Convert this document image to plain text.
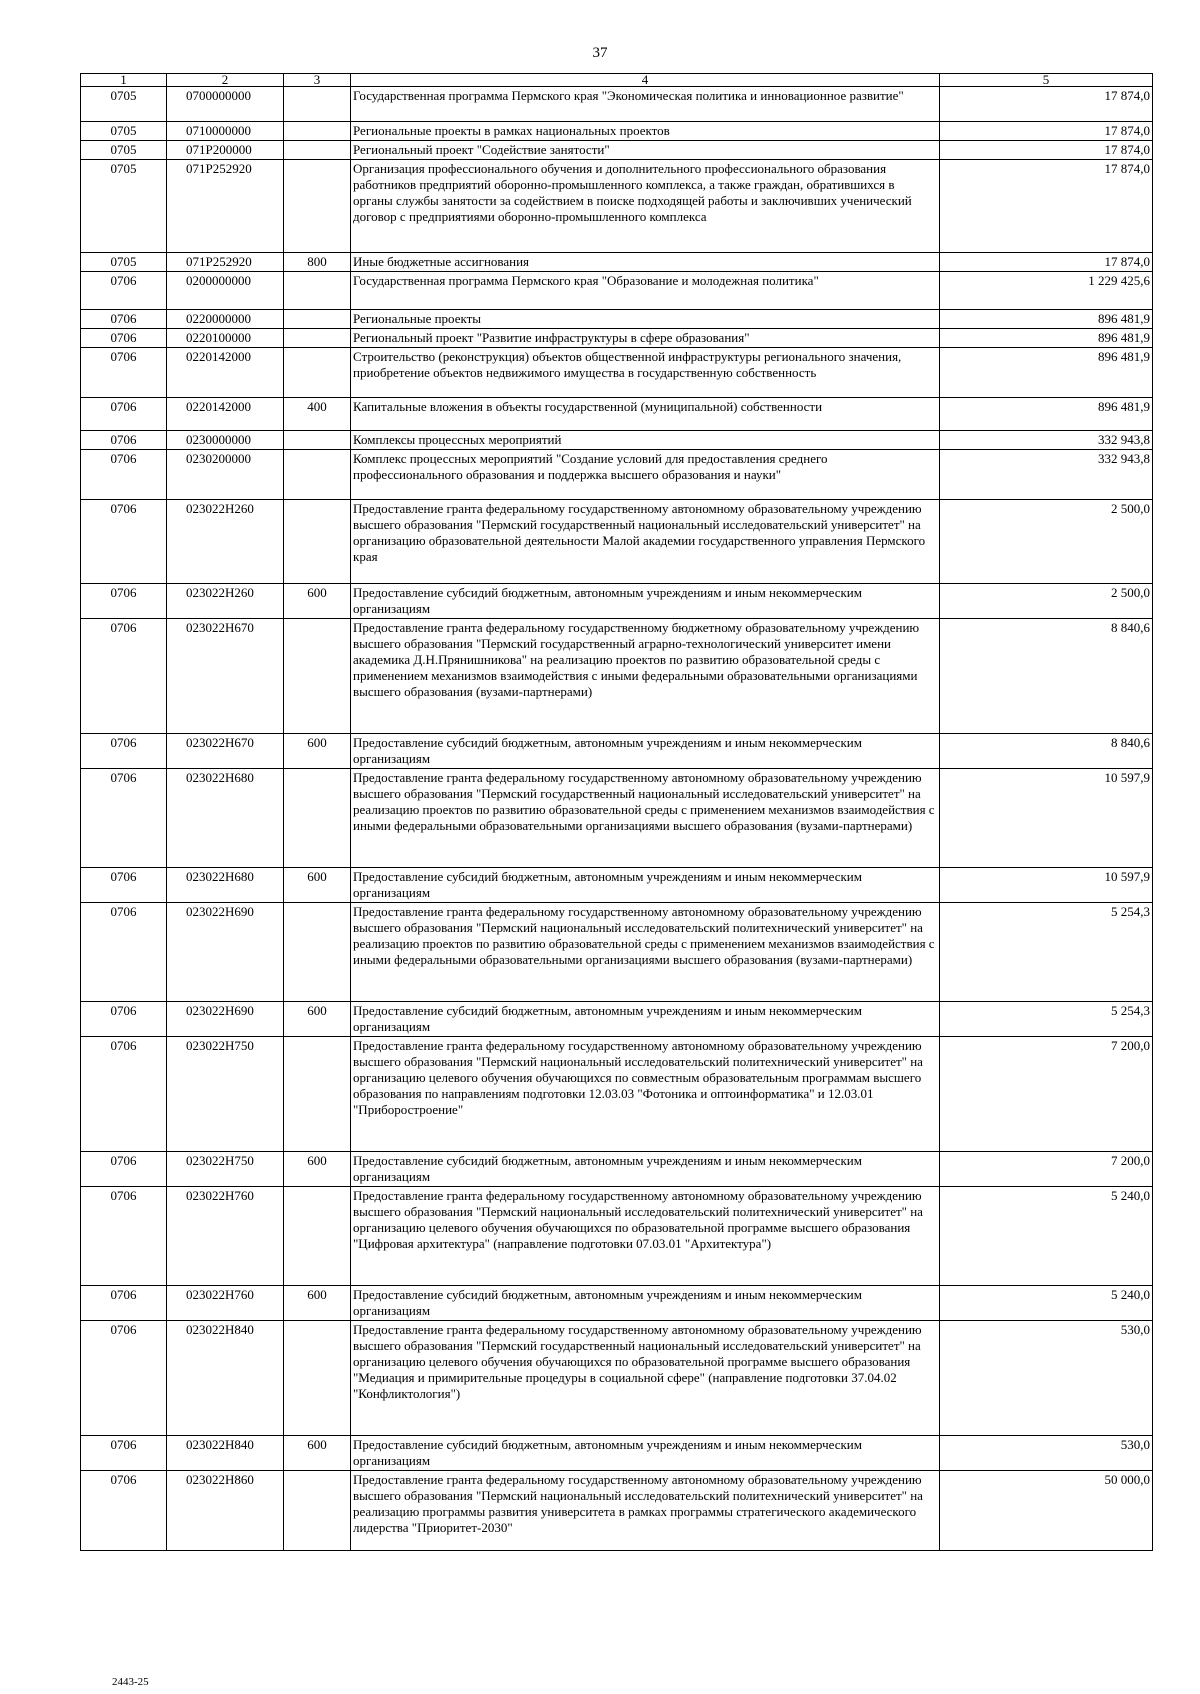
37
1	2	3	4	5
0705	0700000000		Государственная программа Пермского края "Экономическая политика и инновационное развитие"	17 874,0
0705	0710000000		Региональные проекты в рамках национальных проектов	17 874,0
0705	071P200000		Региональный проект "Содействие занятости"	17 874,0
0705	071P252920		Организация профессионального обучения и дополнительного профессионального образования работников предприятий оборонно-промышленного комплекса, а также граждан, обратившихся в органы службы занятости за содействием в поиске подходящей работы и заключивших ученический договор с предприятиями оборонно-промышленного комплекса	17 874,0
0705	071P252920	800	Иные бюджетные ассигнования	17 874,0
0706	0200000000		Государственная программа Пермского края "Образование и молодежная политика"	1 229 425,6
0706	0220000000		Региональные проекты	896 481,9
0706	0220100000		Региональный проект "Развитие инфраструктуры в сфере образования"	896 481,9
0706	0220142000		Строительство (реконструкция) объектов общественной инфраструктуры регионального значения, приобретение объектов недвижимого имущества в государственную собственность	896 481,9
0706	0220142000	400	Капитальные вложения в объекты государственной (муниципальной) собственности	896 481,9
0706	0230000000		Комплексы процессных мероприятий	332 943,8
0706	0230200000		Комплекс процессных мероприятий "Создание условий для предоставления среднего профессионального образования и поддержка высшего образования и науки"	332 943,8
0706	023022Н260		Предоставление гранта федеральному государственному автономному образовательному учреждению высшего образования "Пермский государственный национальный исследовательский университет" на организацию образовательной деятельности Малой академии государственного управления Пермского края	2 500,0
0706	023022Н260	600	Предоставление субсидий бюджетным, автономным учреждениям и иным некоммерческим организациям	2 500,0
0706	023022Н670		Предоставление гранта федеральному государственному бюджетному образовательному учреждению высшего образования "Пермский государственный аграрно-технологический университет имени академика Д.Н.Прянишникова" на реализацию проектов по развитию образовательной среды с применением механизмов взаимодействия с иными федеральными образовательными организациями высшего образования (вузами-партнерами)	8 840,6
0706	023022Н670	600	Предоставление субсидий бюджетным, автономным учреждениям и иным некоммерческим организациям	8 840,6
0706	023022Н680		Предоставление гранта федеральному государственному автономному образовательному учреждению высшего образования "Пермский государственный национальный исследовательский университет" на реализацию проектов по развитию образовательной среды с применением механизмов взаимодействия с иными федеральными образовательными организациями высшего образования (вузами-партнерами)	10 597,9
0706	023022Н680	600	Предоставление субсидий бюджетным, автономным учреждениям и иным некоммерческим организациям	10 597,9
0706	023022Н690		Предоставление гранта федеральному государственному автономному образовательному учреждению высшего образования "Пермский национальный исследовательский политехнический университет" на реализацию проектов по развитию образовательной среды с применением механизмов взаимодействия с иными федеральными образовательными организациями высшего образования (вузами-партнерами)	5 254,3
0706	023022Н690	600	Предоставление субсидий бюджетным, автономным учреждениям и иным некоммерческим организациям	5 254,3
0706	023022Н750		Предоставление гранта федеральному государственному автономному образовательному учреждению высшего образования "Пермский национальный исследовательский политехнический университет" на организацию целевого обучения обучающихся по совместным образовательным программам высшего образования по направлениям подготовки 12.03.03 "Фотоника и оптоинформатика" и 12.03.01 "Приборостроение"	7 200,0
0706	023022Н750	600	Предоставление субсидий бюджетным, автономным учреждениям и иным некоммерческим организациям	7 200,0
0706	023022Н760		Предоставление гранта федеральному государственному автономному образовательному учреждению высшего образования "Пермский национальный исследовательский политехнический университет" на организацию целевого обучения обучающихся по образовательной программе высшего образования "Цифровая архитектура" (направление подготовки 07.03.01 "Архитектура")	5 240,0
0706	023022Н760	600	Предоставление субсидий бюджетным, автономным учреждениям и иным некоммерческим организациям	5 240,0
0706	023022Н840		Предоставление гранта федеральному государственному автономному образовательному учреждению высшего образования "Пермский государственный национальный исследовательский университет" на организацию целевого обучения обучающихся по образовательной программе высшего образования "Медиация и примирительные процедуры в социальной сфере" (направление подготовки 37.04.02 "Конфликтология")	530,0
0706	023022Н840	600	Предоставление субсидий бюджетным, автономным учреждениям и иным некоммерческим организациям	530,0
0706	023022Н860		Предоставление гранта федеральному государственному автономному образовательному учреждению высшего образования "Пермский национальный исследовательский политехнический университет" на реализацию программы развития университета в рамках программы стратегического академического лидерства "Приоритет-2030"	50 000,0
2443-25
